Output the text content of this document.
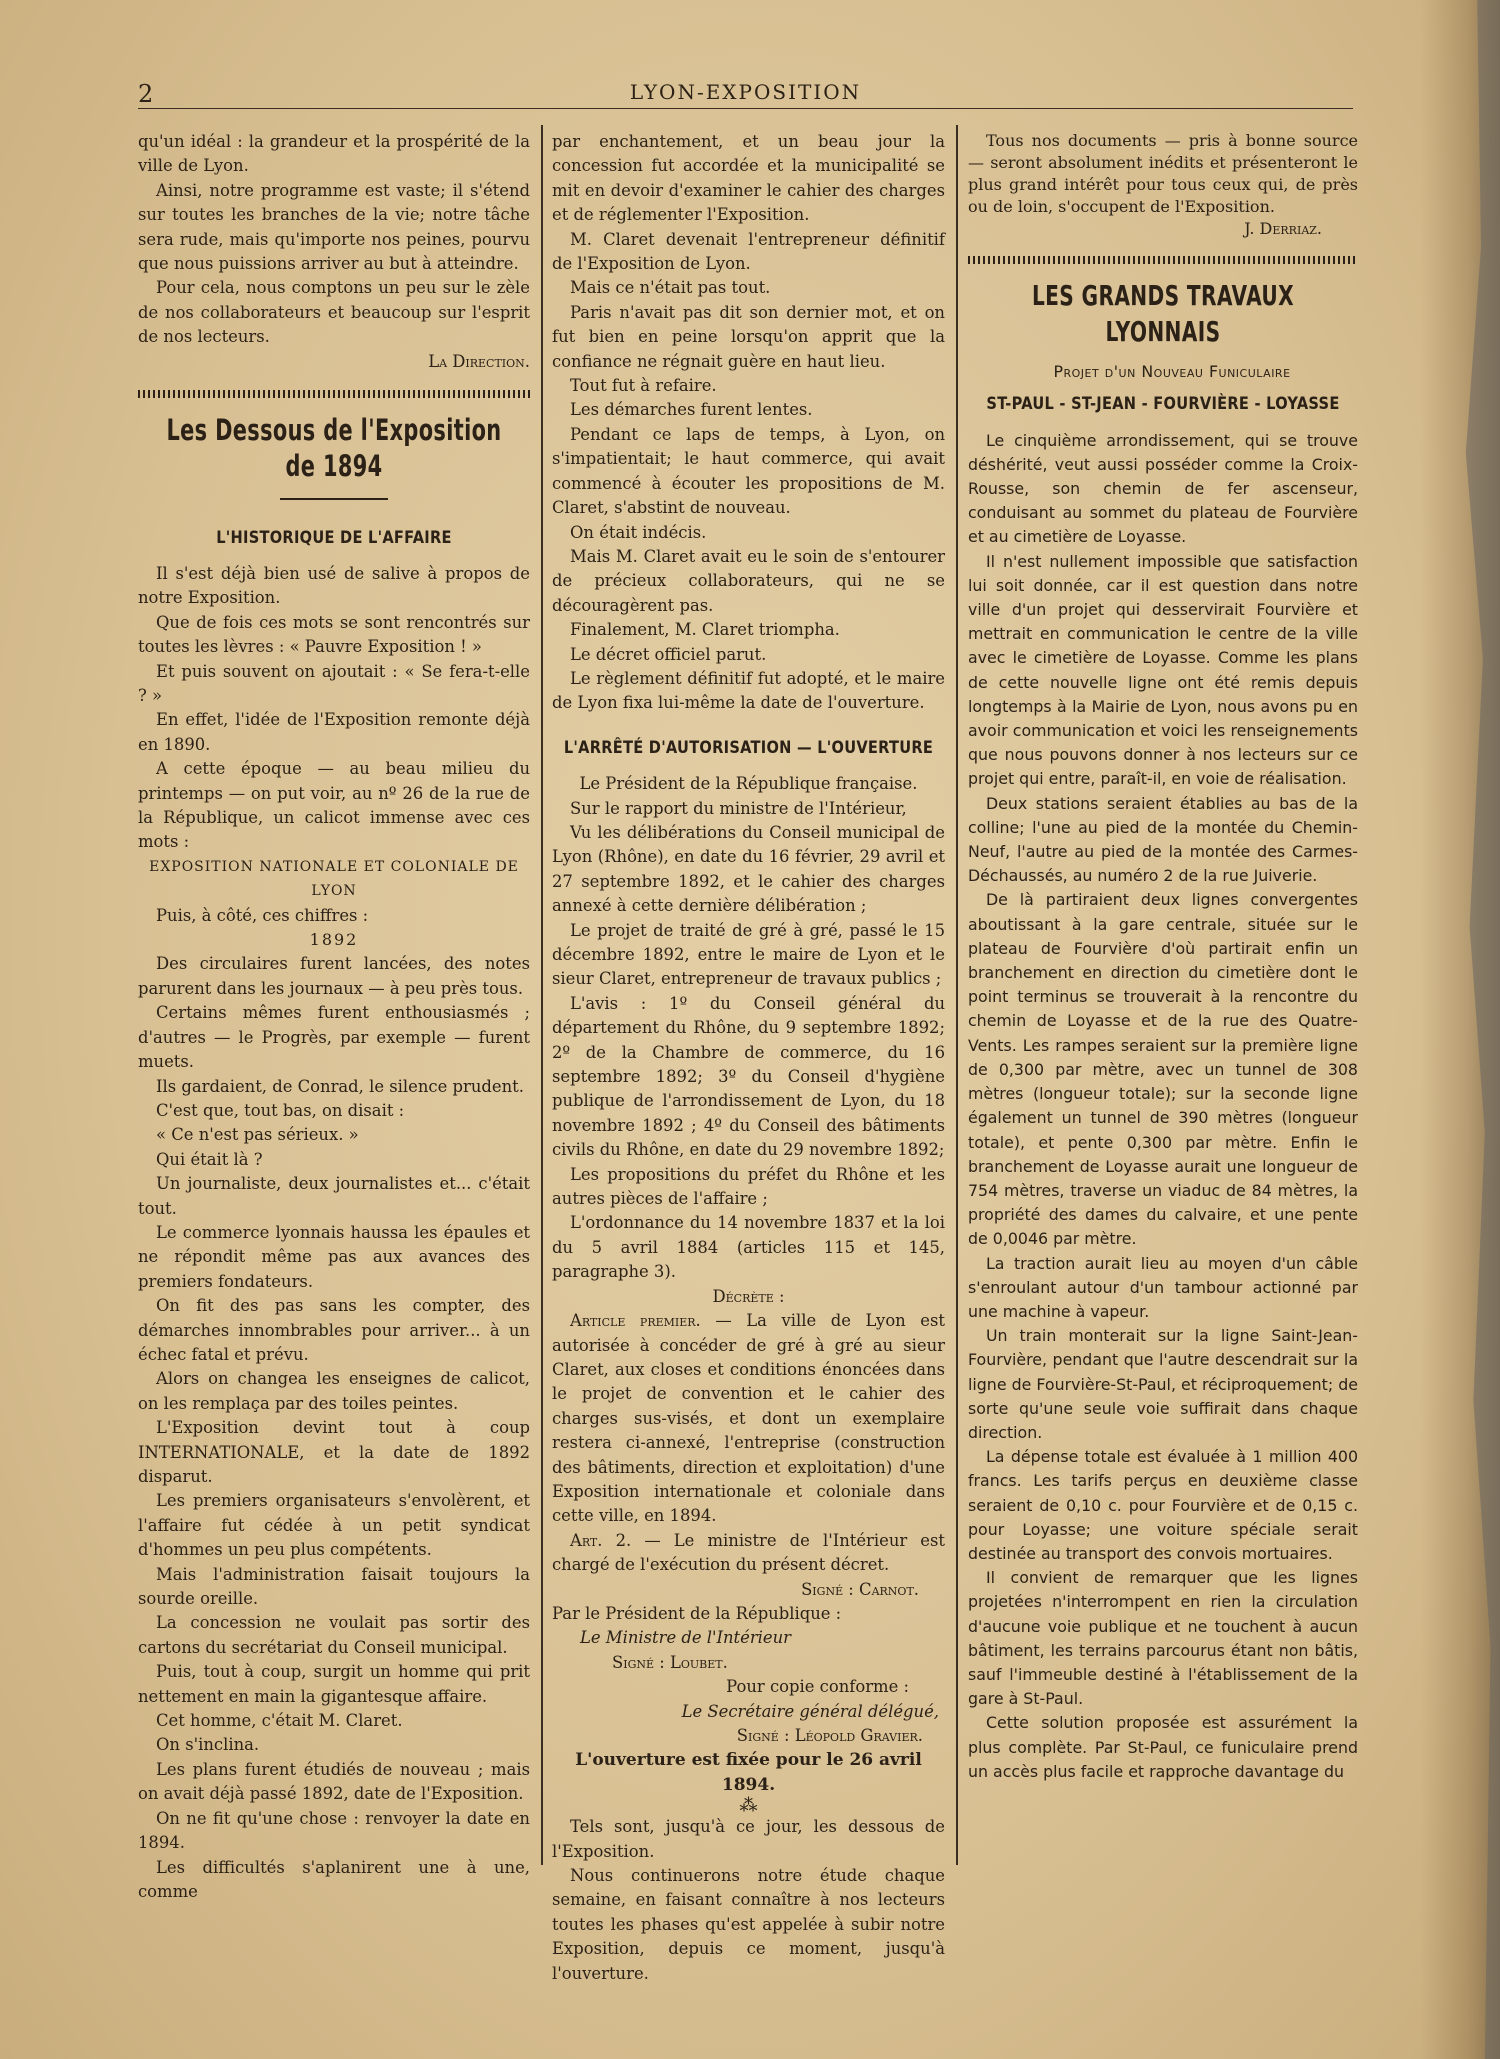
2	LYON-EXPOSITION

qu'un idéal : la grandeur et la prospérité de la ville de Lyon.

Ainsi, notre programme est vaste; il s'étend sur toutes les branches de la vie; notre tâche sera rude, mais qu'importe nos peines, pourvu que nous puissions arriver au but à atteindre.

Pour cela, nous comptons un peu sur le zèle de nos collaborateurs et beaucoup sur l'esprit de nos lecteurs.

La Direction.

Les Dessous de l'Exposition de 1894
L'HISTORIQUE DE L'AFFAIRE

Il s'est déjà bien usé de salive à propos de notre Exposition.

Que de fois ces mots se sont rencontrés sur toutes les lèvres : « Pauvre Exposition ! »

Et puis souvent on ajoutait : « Se fera-t-elle ? »

En effet, l'idée de l'Exposition remonte déjà en 1890.

A cette époque — au beau milieu du printemps — on put voir, au nº 26 de la rue de la République, un calicot immense avec ces mots :

EXPOSITION NATIONALE ET COLONIALE DE LYON

Puis, à côté, ces chiffres :

1892

Des circulaires furent lancées, des notes parurent dans les journaux — à peu près tous.

Certains mêmes furent enthousiasmés ; d'autres — le Progrès, par exemple — furent muets.

Ils gardaient, de Conrad, le silence prudent.

C'est que, tout bas, on disait :

« Ce n'est pas sérieux. »

Qui était là ?

Un journaliste, deux journalistes et... c'était tout.

Le commerce lyonnais haussa les épaules et ne répondit même pas aux avances des premiers fondateurs.

On fit des pas sans les compter, des démarches innombrables pour arriver... à un échec fatal et prévu.

Alors on changea les enseignes de calicot, on les remplaça par des toiles peintes.

L'Exposition devint tout à coup INTERNATIONALE, et la date de 1892 disparut.

Les premiers organisateurs s'envolèrent, et l'affaire fut cédée à un petit syndicat d'hommes un peu plus compétents.

Mais l'administration faisait toujours la sourde oreille.

La concession ne voulait pas sortir des cartons du secrétariat du Conseil municipal.

Puis, tout à coup, surgit un homme qui prit nettement en main la gigantesque affaire.

Cet homme, c'était M. Claret.

On s'inclina.

Les plans furent étudiés de nouveau ; mais on avait déjà passé 1892, date de l'Exposition.

On ne fit qu'une chose : renvoyer la date en 1894.

Les difficultés s'aplanirent une à une, comme

par enchantement, et un beau jour la concession fut accordée et la municipalité se mit en devoir d'examiner le cahier des charges et de réglementer l'Exposition.

M. Claret devenait l'entrepreneur définitif de l'Exposition de Lyon.

Mais ce n'était pas tout.

Paris n'avait pas dit son dernier mot, et on fut bien en peine lorsqu'on apprit que la confiance ne régnait guère en haut lieu.

Tout fut à refaire.

Les démarches furent lentes.

Pendant ce laps de temps, à Lyon, on s'impatientait; le haut commerce, qui avait commencé à écouter les propositions de M. Claret, s'abstint de nouveau.

On était indécis.

Mais M. Claret avait eu le soin de s'entourer de précieux collaborateurs, qui ne se découragèrent pas.

Finalement, M. Claret triompha.

Le décret officiel parut.

Le règlement définitif fut adopté, et le maire de Lyon fixa lui-même la date de l'ouverture.

L'ARRÊTÉ D'AUTORISATION — L'OUVERTURE

Le Président de la République française.

Sur le rapport du ministre de l'Intérieur,

Vu les délibérations du Conseil municipal de Lyon (Rhône), en date du 16 février, 29 avril et 27 septembre 1892, et le cahier des charges annexé à cette dernière délibération ;

Le projet de traité de gré à gré, passé le 15 décembre 1892, entre le maire de Lyon et le sieur Claret, entrepreneur de travaux publics ;

L'avis : 1º du Conseil général du département du Rhône, du 9 septembre 1892; 2º de la Chambre de commerce, du 16 septembre 1892; 3º du Conseil d'hygiène publique de l'arrondissement de Lyon, du 18 novembre 1892 ; 4º du Conseil des bâtiments civils du Rhône, en date du 29 novembre 1892;

Les propositions du préfet du Rhône et les autres pièces de l'affaire ;

L'ordonnance du 14 novembre 1837 et la loi du 5 avril 1884 (articles 115 et 145, paragraphe 3).

Décrète :

Article premier. — La ville de Lyon est autorisée à concéder de gré à gré au sieur Claret, aux closes et conditions énoncées dans le projet de convention et le cahier des charges sus-visés, et dont un exemplaire restera ci-annexé, l'entreprise (construction des bâtiments, direction et exploitation) d'une Exposition internationale et coloniale dans cette ville, en 1894.

Art. 2. — Le ministre de l'Intérieur est chargé de l'exécution du présent décret.

Signé : Carnot.

Par le Président de la République :

Le Ministre de l'Intérieur

Signé : Loubet.

Pour copie conforme :

Le Secrétaire général délégué,

Signé : Léopold Gravier.

L'ouverture est fixée pour le 26 avril 1894.

⁂

Tels sont, jusqu'à ce jour, les dessous de l'Exposition.

Nous continuerons notre étude chaque semaine, en faisant connaître à nos lecteurs toutes les phases qu'est appelée à subir notre Exposition, depuis ce moment, jusqu'à l'ouverture.

Tous nos documents — pris à bonne source — seront absolument inédits et présenteront le plus grand intérêt pour tous ceux qui, de près ou de loin, s'occupent de l'Exposition.

J. Derriaz.

LES GRANDS TRAVAUX LYONNAIS

Projet d'un Nouveau Funiculaire

ST-PAUL - ST-JEAN - FOURVIÈRE - LOYASSE

Le cinquième arrondissement, qui se trouve déshérité, veut aussi posséder comme la Croix-Rousse, son chemin de fer ascenseur, conduisant au sommet du plateau de Fourvière et au cimetière de Loyasse.

Il n'est nullement impossible que satisfaction lui soit donnée, car il est question dans notre ville d'un projet qui desservirait Fourvière et mettrait en communication le centre de la ville avec le cimetière de Loyasse. Comme les plans de cette nouvelle ligne ont été remis depuis longtemps à la Mairie de Lyon, nous avons pu en avoir communication et voici les renseignements que nous pouvons donner à nos lecteurs sur ce projet qui entre, paraît-il, en voie de réalisation.

Deux stations seraient établies au bas de la colline; l'une au pied de la montée du Chemin-Neuf, l'autre au pied de la montée des Carmes-Déchaussés, au numéro 2 de la rue Juiverie.

De là partiraient deux lignes convergentes aboutissant à la gare centrale, située sur le plateau de Fourvière d'où partirait enfin un branchement en direction du cimetière dont le point terminus se trouverait à la rencontre du chemin de Loyasse et de la rue des Quatre-Vents. Les rampes seraient sur la première ligne de 0,300 par mètre, avec un tunnel de 308 mètres (longueur totale); sur la seconde ligne également un tunnel de 390 mètres (longueur totale), et pente 0,300 par mètre. Enfin le branchement de Loyasse aurait une longueur de 754 mètres, traverse un viaduc de 84 mètres, la propriété des dames du calvaire, et une pente de 0,0046 par mètre.

La traction aurait lieu au moyen d'un câble s'enroulant autour d'un tambour actionné par une machine à vapeur.

Un train monterait sur la ligne Saint-Jean-Fourvière, pendant que l'autre descendrait sur la ligne de Fourvière-St-Paul, et réciproquement; de sorte qu'une seule voie suffirait dans chaque direction.

La dépense totale est évaluée à 1 million 400 francs. Les tarifs perçus en deuxième classe seraient de 0,10 c. pour Fourvière et de 0,15 c. pour Loyasse; une voiture spéciale serait destinée au transport des convois mortuaires.

Il convient de remarquer que les lignes projetées n'interrompent en rien la circulation d'aucune voie publique et ne touchent à aucun bâtiment, les terrains parcourus étant non bâtis, sauf l'immeuble destiné à l'établissement de la gare à St-Paul.

Cette solution proposée est assurément la plus complète. Par St-Paul, ce funiculaire prend un accès plus facile et rapproche davantage du
